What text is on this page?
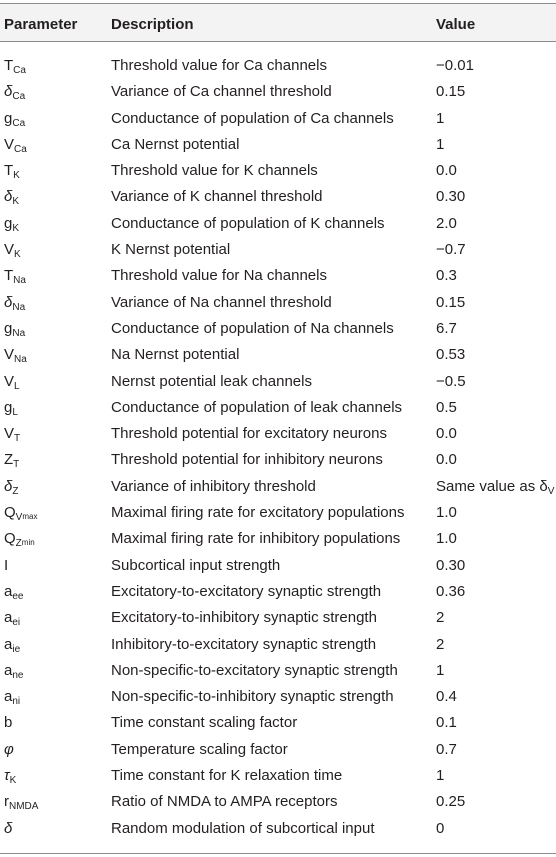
Parameter Description	Value
$T_{Ca}$	Threshold value for Ca channels	−0.01
$\delta_{Ca}$	Variance of Ca channel threshold	0.15
$g_{Ca}$	Conductance of population of Ca channels	1
$V_{Ca}$	Ca Nernst potential	1
$T_K$	Threshold value for K channels	0.0
$\delta_K$	Variance of K channel threshold	0.30
$g_K$	Conductance of population of K channels	2.0
$V_K$	K Nernst potential	−0.7
$T_{Na}$	Threshold value for Na channels	0.3
$\delta_{Na}$	Variance of Na channel threshold	0.15
$g_{Na}$	Conductance of population of Na channels	6.7
$V_{Na}$	Na Nernst potential	0.53
$V_L$	Nernst potential leak channels	−0.5
$g_L$	Conductance of population of leak channels 0.5
$V_T$	Threshold potential for excitatory neurons	0.0
$Z_T$	Threshold potential for inhibitory neurons	0.0
$\delta_Z$	Variance of inhibitory threshold	Same value as $\delta_V$
$Q_V\max$	Maximal firing rate for excitatory populations 1.0
$Q_Z\min$	Maximal firing rate for inhibitory populations 1.0
I	Subcortical input strength	0.30
$a_{ee}$	Excitatory-to-excitatory synaptic strength	0.36
$a_{ei}$	Excitatory-to-inhibitory synaptic strength	2
$a_{ie}$	Inhibitory-to-excitatory synaptic strength	2
$a_{ne}$	Non-specific-to-excitatory synaptic strength	1
$a_{ni}$	Non-specific-to-inhibitory synaptic strength	0.4
b	Time constant scaling factor	0.1
φ	Temperature scaling factor	0.7
$\tau_K$	Time constant for K relaxation time	1
$r_{NMDA}$	Ratio of NMDA to AMPA receptors	0.25
δ	Random modulation of subcortical input	0
